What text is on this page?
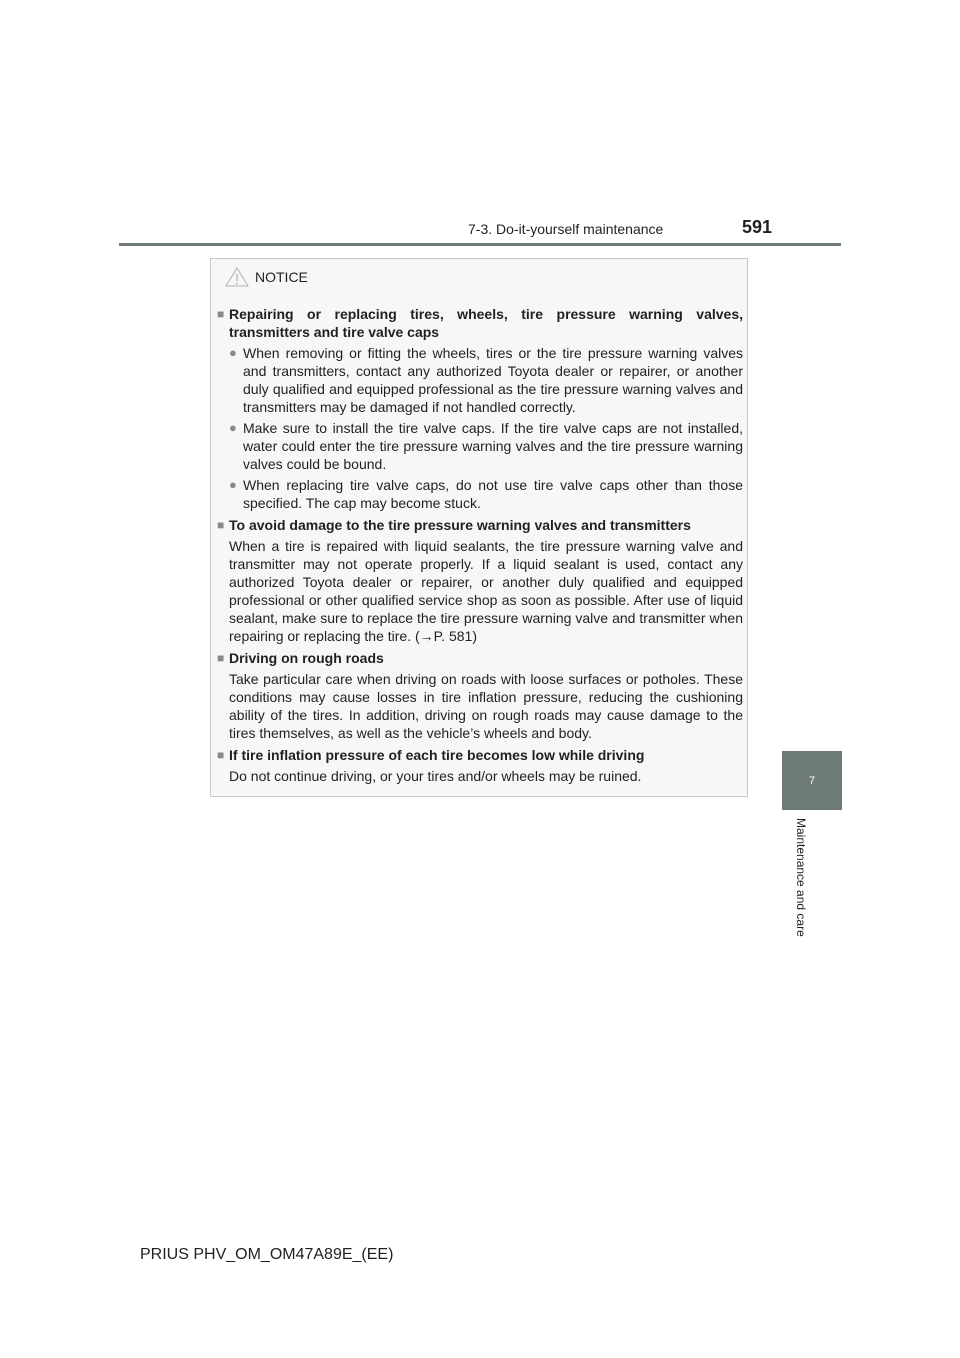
7-3. Do-it-yourself maintenance	591
7
Maintenance and care
NOTICE
■ Repairing or replacing tires, wheels, tire pressure warning valves, transmitters and tire valve caps
● When removing or fitting the wheels, tires or the tire pressure warning valves and transmitters, contact any authorized Toyota dealer or repairer, or another duly qualified and equipped professional as the tire pressure warning valves and transmitters may be damaged if not handled correctly.
● Make sure to install the tire valve caps. If the tire valve caps are not installed, water could enter the tire pressure warning valves and the tire pressure warning valves could be bound.
● When replacing tire valve caps, do not use tire valve caps other than those specified. The cap may become stuck.
■ To avoid damage to the tire pressure warning valves and transmitters
When a tire is repaired with liquid sealants, the tire pressure warning valve and transmitter may not operate properly. If a liquid sealant is used, contact any authorized Toyota dealer or repairer, or another duly qualified and equipped professional or other qualified service shop as soon as possible. After use of liquid sealant, make sure to replace the tire pressure warning valve and transmitter when repairing or replacing the tire. (→P. 581)
■ Driving on rough roads
Take particular care when driving on roads with loose surfaces or potholes. These conditions may cause losses in tire inflation pressure, reducing the cushioning ability of the tires. In addition, driving on rough roads may cause damage to the tires themselves, as well as the vehicle’s wheels and body.
■ If tire inflation pressure of each tire becomes low while driving
Do not continue driving, or your tires and/or wheels may be ruined.
PRIUS PHV_OM_OM47A89E_(EE)
